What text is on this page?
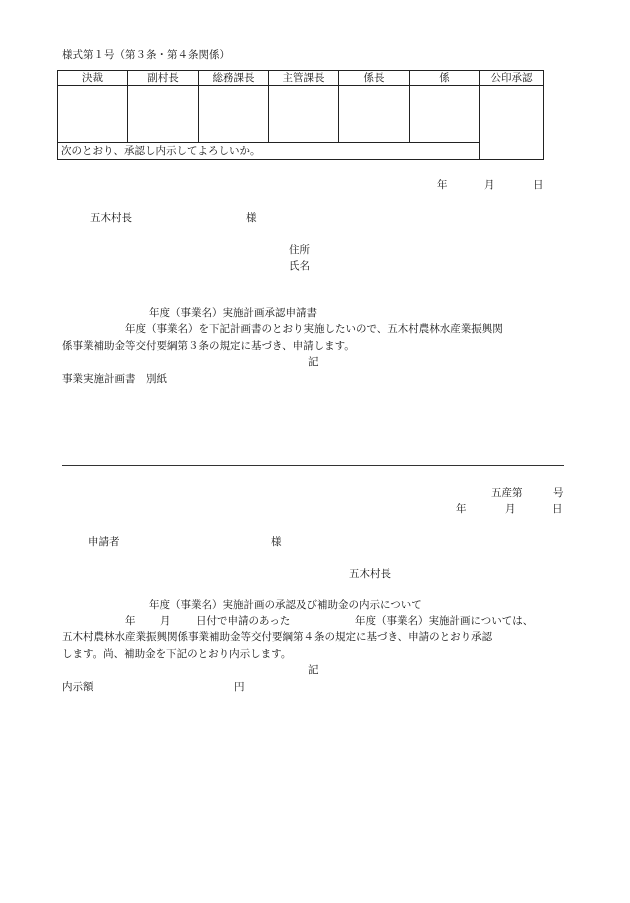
様式第１号（第３条・第４条関係）
決裁	副村長	総務課長	主管課長	係長	係	公印承認

次のとおり、承認し内示してよろしいか。						
年	月	日
五木村長	様
住所
氏名
年度（事業名）実施計画承認申請書
年度（事業名）を下記計画書のとおり実施したいので、五木村農林水産業振興関
係事業補助金等交付要綱第３条の規定に基づき、申請します。
記
事業実施計画書　別紙
五産第	号
年	月	日
申請者	様
五木村長
年度（事業名）実施計画の承認及び補助金の内示について
年 月 日付で申請のあった	年度（事業名）実施計画については、
五木村農林水産業振興関係事業補助金等交付要綱第４条の規定に基づき、申請のとおり承認
します。尚、補助金を下記のとおり内示します。
記
内示額	円
